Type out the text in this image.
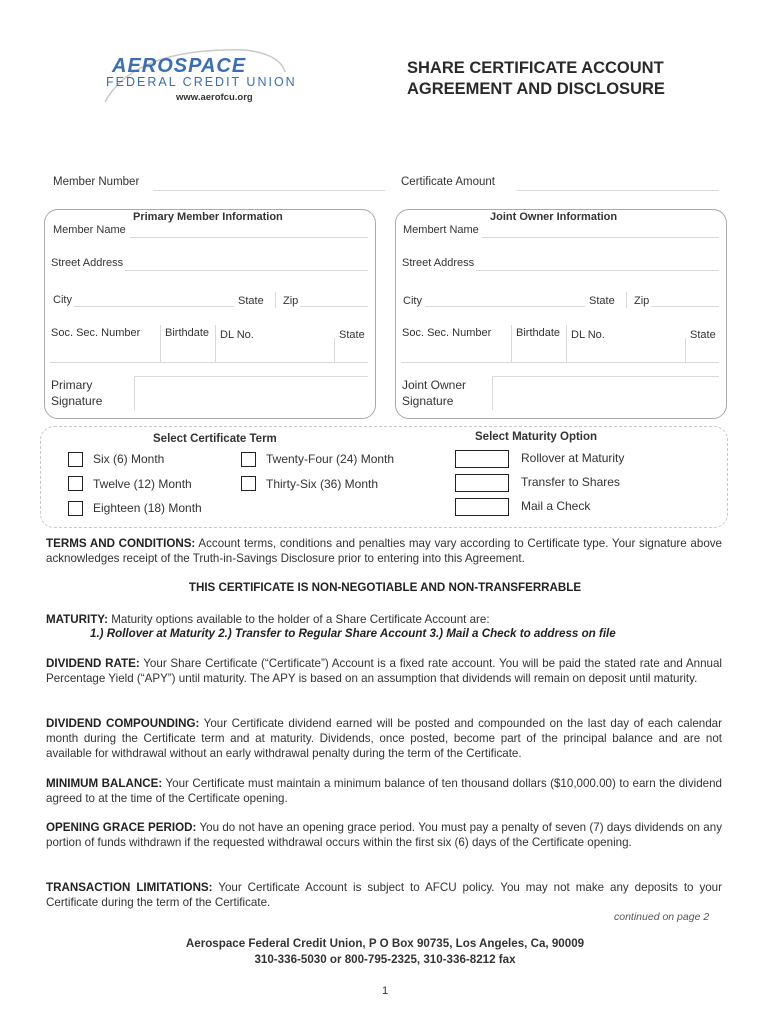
AEROSPACE
FEDERAL CREDIT UNION
www.aerofcu.org
SHARE CERTIFICATE ACCOUNT
AGREEMENT AND DISCLOSURE
Member Number	Certificate Amount
Primary Member Information
Member Name
Street Address
City	State Zip
Soc. Sec. Number Birthdate DL No.	State
Primary
Signature
Joint Owner Information
Membert Name
Street Address
City	State Zip
Soc. Sec. Number Birthdate DL No.	State
Joint Owner
Signature
Select Certificate Term
Six (6) Month
Twelve (12) Month
Eighteen (18) Month
Twenty-Four (24) Month
Thirty-Six (36) Month
Select Maturity Option
Rollover at Maturity
Transfer to Shares
Mail a Check
TERMS AND CONDITIONS: Account terms, conditions and penalties may vary according to Certificate type. Your signature above acknowledges receipt of the Truth-in-Savings Disclosure prior to entering into this Agreement.
THIS CERTIFICATE IS NON-NEGOTIABLE AND NON-TRANSFERRABLE
MATURITY: Maturity options available to the holder of a Share Certificate Account are:
1.) Rollover at Maturity 2.) Transfer to Regular Share Account 3.) Mail a Check to address on file
DIVIDEND RATE: Your Share Certificate (“Certificate”) Account is a fixed rate account. You will be paid the stated rate and Annual Percentage Yield (“APY”) until maturity. The APY is based on an assumption that dividends will remain on deposit until maturity.
DIVIDEND COMPOUNDING: Your Certificate dividend earned will be posted and compounded on the last day of each calendar month during the Certificate term and at maturity. Dividends, once posted, become part of the principal balance and are not available for withdrawal without an early withdrawal penalty during the term of the Certificate.
MINIMUM BALANCE: Your Certificate must maintain a minimum balance of ten thousand dollars ($10,000.00) to earn the dividend agreed to at the time of the Certificate opening.
OPENING GRACE PERIOD: You do not have an opening grace period. You must pay a penalty of seven (7) days dividends on any portion of funds withdrawn if the requested withdrawal occurs within the first six (6) days of the Certificate opening.
TRANSACTION LIMITATIONS: Your Certificate Account is subject to AFCU policy. You may not make any deposits to your Certificate during the term of the Certificate.
continued on page 2
Aerospace Federal Credit Union, P O Box 90735, Los Angeles, Ca, 90009
310-336-5030 or 800-795-2325, 310-336-8212 fax
1
